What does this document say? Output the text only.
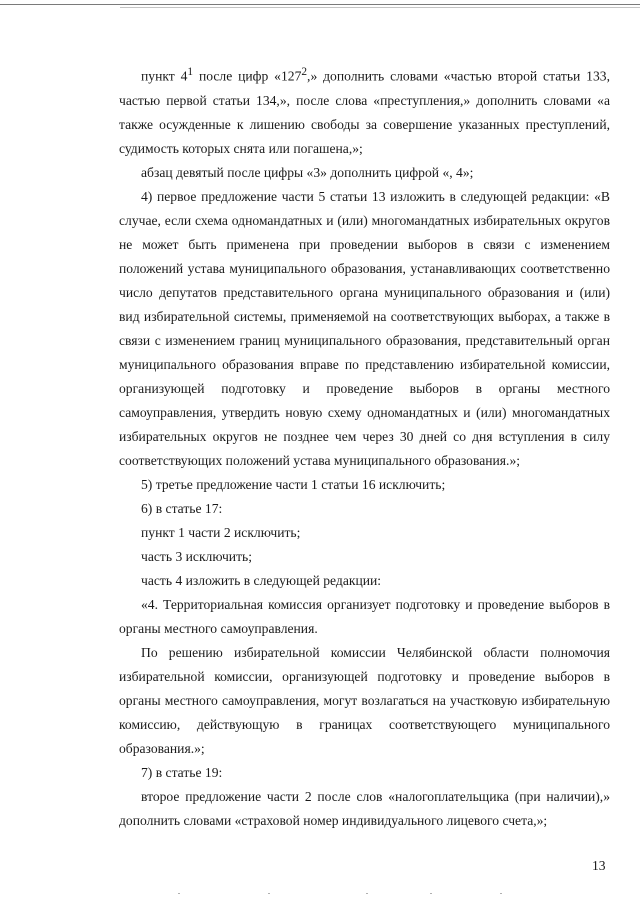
пункт $4^1$ после цифр «$127^2$,» дополнить словами «частью второй статьи 133, частью первой статьи 134,», после слова «преступления,» дополнить словами «а также осужденные к лишению свободы за совершение указанных преступлений, судимость которых снята или погашена,»;

абзац девятый после цифры «3» дополнить цифрой «, 4»;

4) первое предложение части 5 статьи 13 изложить в следующей редакции: «В случае, если схема одномандатных и (или) многомандатных избирательных округов не может быть применена при проведении выборов в связи с изменением положений устава муниципального образования, устанавливающих соответственно число депутатов представительного органа муниципального образования и (или) вид избирательной системы, применяемой на соответствующих выборах, а также в связи с изменением границ муниципального образования, представительный орган муниципального образования вправе по представлению избирательной комиссии, организующей подготовку и проведение выборов в органы местного самоуправления, утвердить новую схему одномандатных и (или) многомандатных избирательных округов не позднее чем через 30 дней со дня вступления в силу соответствующих положений устава муниципального образования.»;

5) третье предложение части 1 статьи 16 исключить;

6) в статье 17:

пункт 1 части 2 исключить;

часть 3 исключить;

часть 4 изложить в следующей редакции:

«4. Территориальная комиссия организует подготовку и проведение выборов в органы местного самоуправления.

По решению избирательной комиссии Челябинской области полномочия избирательной комиссии, организующей подготовку и проведение выборов в органы местного самоуправления, могут возлагаться на участковую избирательную комиссию, действующую в границах соответствующего муниципального образования.»;

7) в статье 19:

второе предложение части 2 после слов «налогоплательщика (при наличии),» дополнить словами «страховой номер индивидуального лицевого счета,»;

13
